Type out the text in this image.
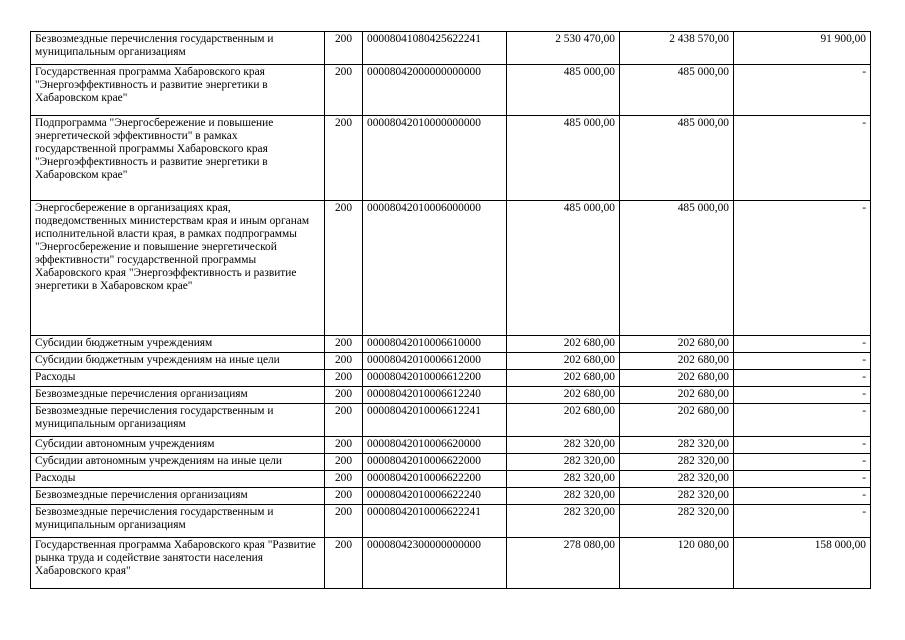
Безвозмездные перечисления государственным и муниципальным организациям	200	00008041080425622241	2 530 470,00	2 438 570,00	91 900,00
Государственная программа Хабаровского края "Энергоэффективность и развитие энергетики в Хабаровском крае"	200	00008042000000000000	485 000,00	485 000,00	-
Подпрограмма "Энергосбережение и повышение энергетической эффективности" в рамках государственной программы Хабаровского края "Энергоэффективность и развитие энергетики в Хабаровском крае"	200	00008042010000000000	485 000,00	485 000,00	-
Энергосбережение в организациях края, подведомственных министерствам края и иным органам исполнительной власти края, в рамках подпрограммы "Энергосбережение и повышение энергетической эффективности" государственной программы Хабаровского края "Энергоэффективность и развитие энергетики в Хабаровском крае"	200	00008042010006000000	485 000,00	485 000,00	-
Субсидии бюджетным учреждениям	200	00008042010006610000	202 680,00	202 680,00	-
Субсидии бюджетным учреждениям на иные цели	200	00008042010006612000	202 680,00	202 680,00	-
Расходы	200	00008042010006612200	202 680,00	202 680,00	-
Безвозмездные перечисления организациям	200	00008042010006612240	202 680,00	202 680,00	-
Безвозмездные перечисления государственным и муниципальным организациям	200	00008042010006612241	202 680,00	202 680,00	-
Субсидии автономным учреждениям	200	00008042010006620000	282 320,00	282 320,00	-
Субсидии автономным учреждениям на иные цели	200	00008042010006622000	282 320,00	282 320,00	-
Расходы	200	00008042010006622200	282 320,00	282 320,00	-
Безвозмездные перечисления организациям	200	00008042010006622240	282 320,00	282 320,00	-
Безвозмездные перечисления государственным и муниципальным организациям	200	00008042010006622241	282 320,00	282 320,00	-
Государственная программа Хабаровского края "Развитие рынка труда и содействие занятости населения Хабаровского края"	200	00008042300000000000	278 080,00	120 080,00	158 000,00
